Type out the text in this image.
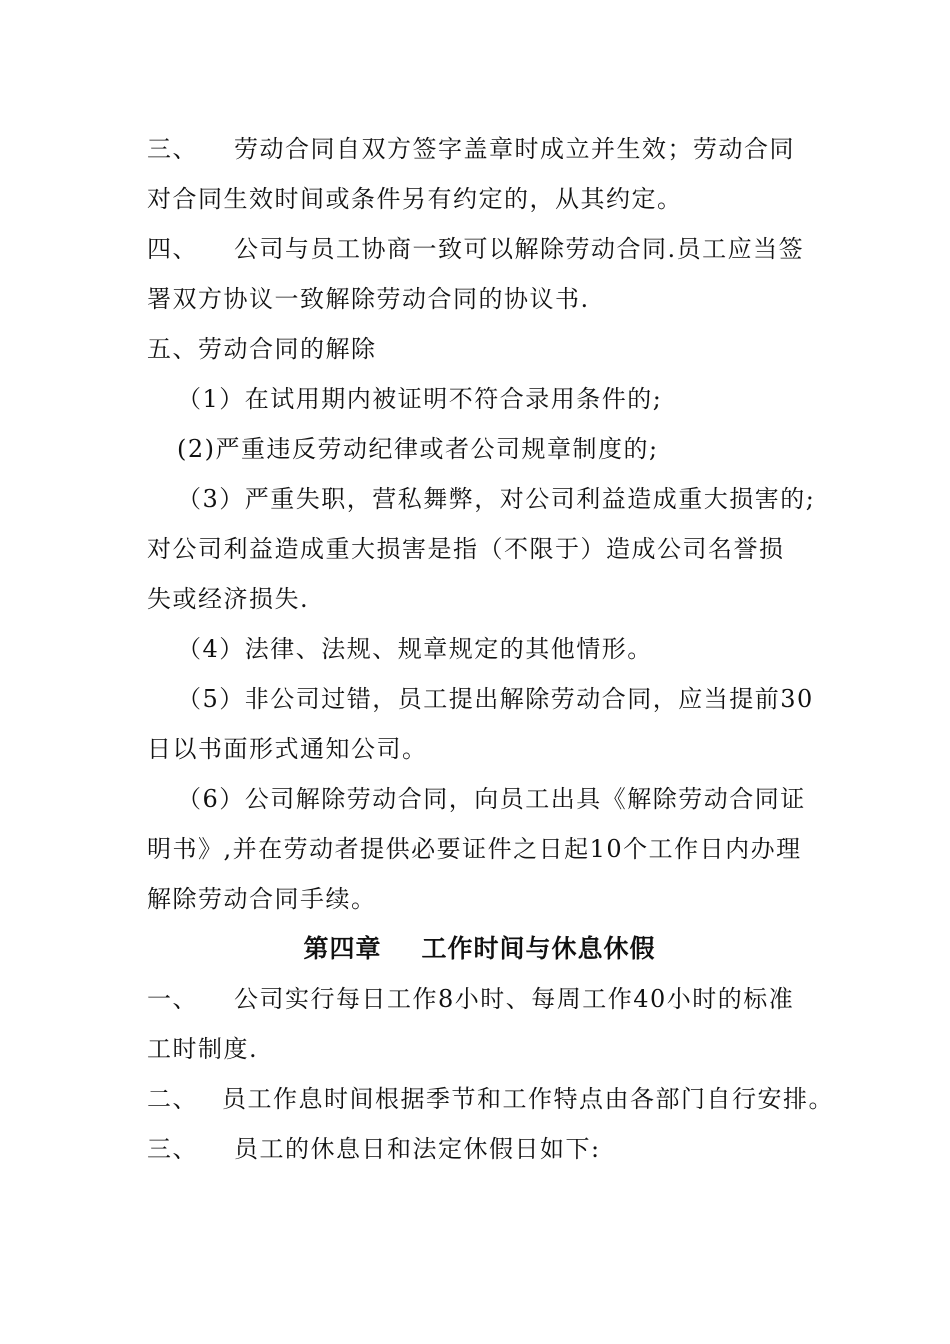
三、 劳动合同自双方签字盖章时成立并生效；劳动合同
对合同生效时间或条件另有约定的，从其约定。
四、 公司与员工协商一致可以解除劳动合同.员工应当签
署双方协议一致解除劳动合同的协议书.
五、劳动合同的解除
（1）在试用期内被证明不符合录用条件的;
(2)严重违反劳动纪律或者公司规章制度的;
（3）严重失职，营私舞弊，对公司利益造成重大损害的;
对公司利益造成重大损害是指（不限于）造成公司名誉损
失或经济损失.
（4）法律、法规、规章规定的其他情形。
（5）非公司过错，员工提出解除劳动合同，应当提前30
日以书面形式通知公司。
（6）公司解除劳动合同，向员工出具《解除劳动合同证
明书》,并在劳动者提供必要证件之日起10个工作日内办理
解除劳动合同手续。
第四章 工作时间与休息休假
一、 公司实行每日工作8小时、每周工作40小时的标准
工时制度.
二、 员工作息时间根据季节和工作特点由各部门自行安排。
三、 员工的休息日和法定休假日如下:
